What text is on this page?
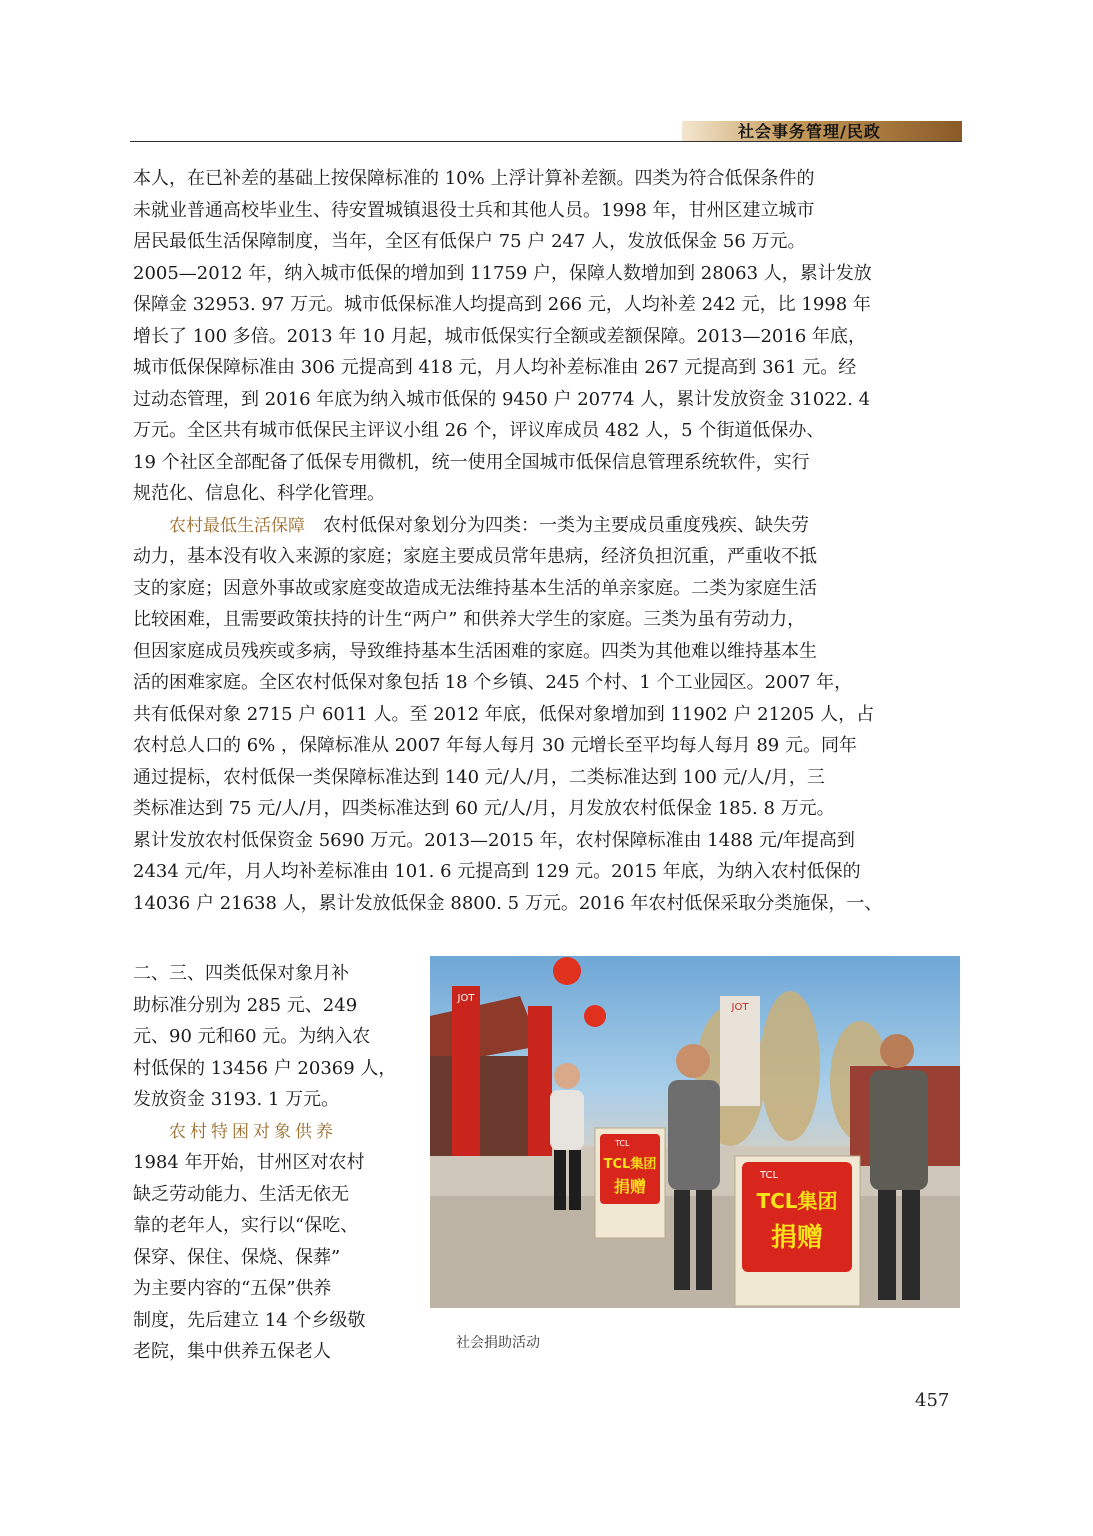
社会事务管理/民政
本人，在已补差的基础上按保障标准的 10% 上浮计算补差额。四类为符合低保条件的
未就业普通高校毕业生、待安置城镇退役士兵和其他人员。1998 年，甘州区建立城市
居民最低生活保障制度，当年，全区有低保户 75 户 247 人，发放低保金 56 万元。
2005—2012 年，纳入城市低保的增加到 11759 户，保障人数增加到 28063 人，累计发放
保障金 32953. 97 万元。城市低保标准人均提高到 266 元，人均补差 242 元，比 1998 年
增长了 100 多倍。2013 年 10 月起，城市低保实行全额或差额保障。2013—2016 年底，
城市低保保障标准由 306 元提高到 418 元，月人均补差标准由 267 元提高到 361 元。经
过动态管理，到 2016 年底为纳入城市低保的 9450 户 20774 人，累计发放资金 31022. 4
万元。全区共有城市低保民主评议小组 26 个，评议库成员 482 人，5 个街道低保办、
19 个社区全部配备了低保专用微机，统一使用全国城市低保信息管理系统软件，实行
规范化、信息化、科学化管理。
农村最低生活保障　 农村低保对象划分为四类：一类为主要成员重度残疾、缺失劳
动力，基本没有收入来源的家庭；家庭主要成员常年患病，经济负担沉重，严重收不抵
支的家庭；因意外事故或家庭变故造成无法维持基本生活的单亲家庭。二类为家庭生活
比较困难，且需要政策扶持的计生“两户” 和供养大学生的家庭。三类为虽有劳动力，
但因家庭成员残疾或多病，导致维持基本生活困难的家庭。四类为其他难以维持基本生
活的困难家庭。全区农村低保对象包括 18 个乡镇、245 个村、1 个工业园区。2007 年，
共有低保对象 2715 户 6011 人。至 2012 年底，低保对象增加到 11902 户 21205 人，占
农村总人口的 6% ，保障标准从 2007 年每人每月 30 元增长至平均每人每月 89 元。同年
通过提标，农村低保一类保障标准达到 140 元/人/月，二类标准达到 100 元/人/月，三
类标准达到 75 元/人/月，四类标准达到 60 元/人/月，月发放农村低保金 185. 8 万元。
累计发放农村低保资金 5690 万元。2013—2015 年，农村保障标准由 1488 元/年提高到
2434 元/年，月人均补差标准由 101. 6 元提高到 129 元。2015 年底，为纳入农村低保的
14036 户 21638 人，累计发放低保金 8800. 5 万元。2016 年农村低保采取分类施保，一、
二、三、四类低保对象月补
助标准分别为 285 元、249
元、90 元和60 元。为纳入农
村低保的 13456 户 20369 人，
发放资金 3193. 1 万元。
农村特困对象供养
1984 年开始，甘州区对农村
缺乏劳动能力、生活无依无
靠的老年人，实行以“保吃、
保穿、保住、保烧、保葬”
为主要内容的“五保”供养
制度，先后建立 14 个乡级敬
老院，集中供养五保老人
JOT
JOT
TCL
TCL集团
捐赠
TCL
TCL集团
捐赠
社会捐助活动
457
